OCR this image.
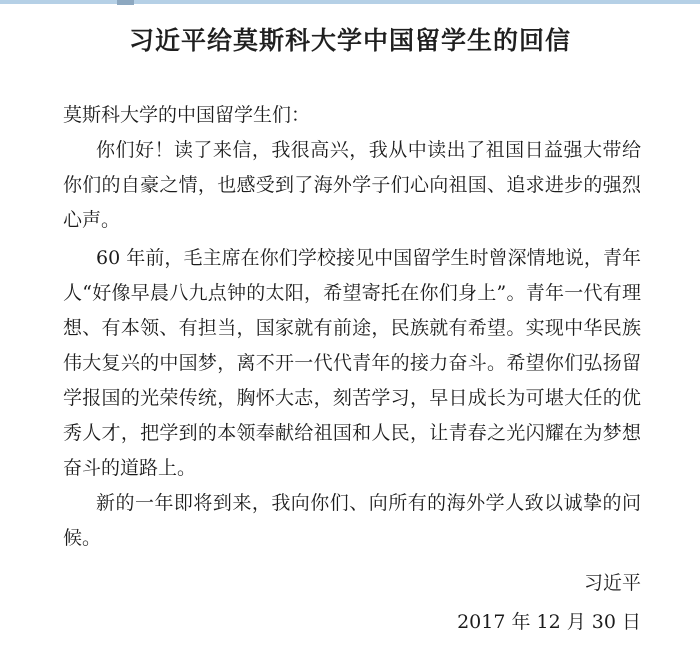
习近平给莫斯科大学中国留学生的回信

莫斯科大学的中国留学生们：

你们好！读了来信，我很高兴，我从中读出了祖国日益强大带给你们的自豪之情，也感受到了海外学子们心向祖国、追求进步的强烈心声。

60 年前，毛主席在你们学校接见中国留学生时曾深情地说，青年人“好像早晨八九点钟的太阳，希望寄托在你们身上”。青年一代有理想、有本领、有担当，国家就有前途，民族就有希望。实现中华民族伟大复兴的中国梦，离不开一代代青年的接力奋斗。希望你们弘扬留学报国的光荣传统，胸怀大志，刻苦学习，早日成长为可堪大任的优秀人才，把学到的本领奉献给祖国和人民，让青春之光闪耀在为梦想奋斗的道路上。

新的一年即将到来，我向你们、向所有的海外学人致以诚挚的问候。

习近平

2017 年 12 月 30 日
